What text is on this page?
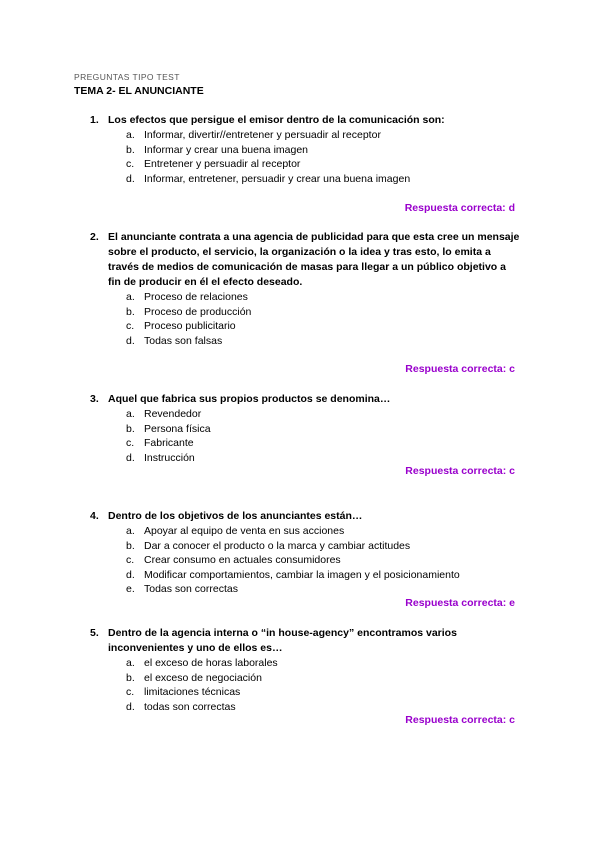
PREGUNTAS TIPO TEST
TEMA 2- EL ANUNCIANTE
1. Los efectos que persigue el emisor dentro de la comunicación son:
a. Informar, divertir//entretener y persuadir al receptor
b. Informar y crear una buena imagen
c. Entretener y persuadir al receptor
d. Informar, entretener, persuadir y crear una buena imagen
Respuesta correcta: d
2. El anunciante contrata a una agencia de publicidad para que esta cree un mensaje sobre el producto, el servicio, la organización o la idea y tras esto, lo emita a través de medios de comunicación de masas para llegar a un público objetivo a fin de producir en él el efecto deseado.
a. Proceso de relaciones
b. Proceso de producción
c. Proceso publicitario
d. Todas son falsas
Respuesta correcta: c
3. Aquel que fabrica sus propios productos se denomina…
a. Revendedor
b. Persona física
c. Fabricante
d. Instrucción
Respuesta correcta: c
4. Dentro de los objetivos de los anunciantes están…
a. Apoyar al equipo de venta en sus acciones
b. Dar a conocer el producto o la marca y cambiar actitudes
c. Crear consumo en actuales consumidores
d. Modificar comportamientos, cambiar la imagen y el posicionamiento
e. Todas son correctas
Respuesta correcta: e
5. Dentro de la agencia interna o “in house-agency” encontramos varios inconvenientes y uno de ellos es…
a. el exceso de horas laborales
b. el exceso de negociación
c. limitaciones técnicas
d. todas son correctas
Respuesta correcta: c
